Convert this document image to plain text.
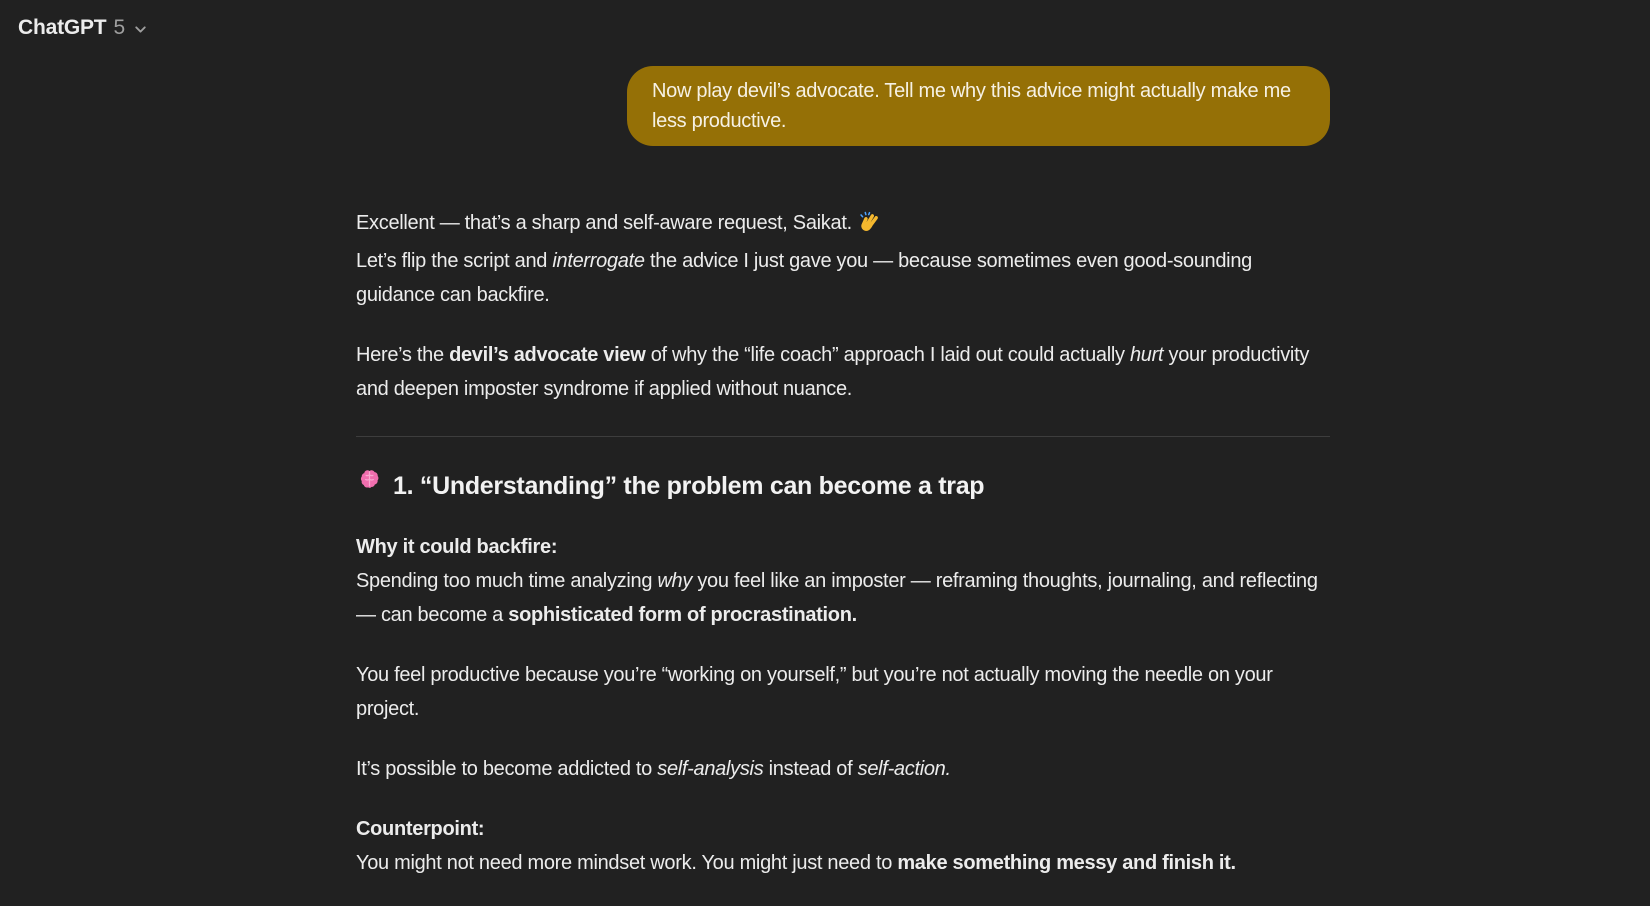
ChatGPT 5
Now play devil’s advocate. Tell me why this advice might actually make me less productive.

Excellent — that’s a sharp and self-aware request, Saikat.
Let’s flip the script and interrogate the advice I just gave you — because sometimes even good-sounding guidance can backfire.

Here’s the devil’s advocate view of why the “life coach” approach I laid out could actually hurt your productivity and deepen imposter syndrome if applied without nuance.

1. “Understanding” the problem can become a trap

Why it could backfire:
Spending too much time analyzing why you feel like an imposter — reframing thoughts, journaling, and reflecting — can become a sophisticated form of procrastination.

You feel productive because you’re “working on yourself,” but you’re not actually moving the needle on your project.

It’s possible to become addicted to self-analysis instead of self-action.

Counterpoint:
You might not need more mindset work. You might just need to make something messy and finish it.
